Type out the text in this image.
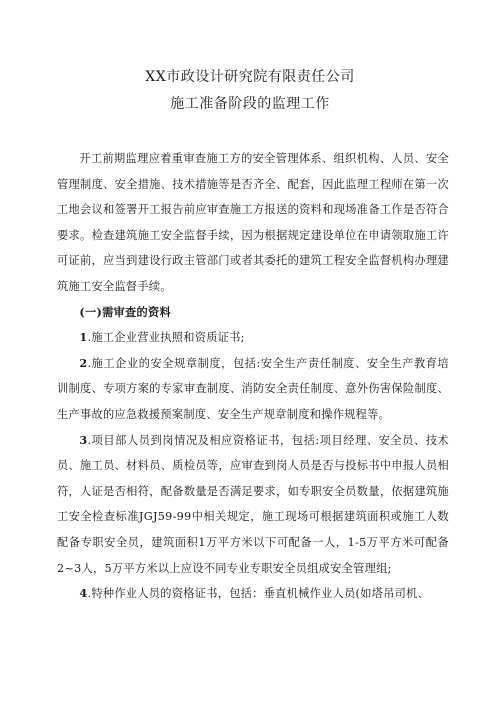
XX市政设计研究院有限责任公司
施工准备阶段的监理工作

开工前期监理应着重审查施工方的安全管理体系、组织机构、人员、安全管理制度、安全措施、技术措施等是否齐全、配套，因此监理工程师在第一次工地会议和签署开工报告前应审查施工方报送的资料和现场准备工作是否符合要求。检查建筑施工安全监督手续，因为根据规定建设单位在申请领取施工许可证前，应当到建设行政主管部门或者其委托的建筑工程安全监督机构办理建筑施工安全监督手续。

(一)需审查的资料

1.施工企业营业执照和资质证书;

2.施工企业的安全规章制度，包括:安全生产责任制度、安全生产教育培训制度、专项方案的专家审查制度、消防安全责任制度、意外伤害保险制度、生产事故的应急救援预案制度、安全生产规章制度和操作规程等。

3.项目部人员到岗情况及相应资格证书，包括:项目经理、安全员、技术员、施工员、材料员、质检员等，应审查到岗人员是否与投标书中申报人员相符，人证是否相符，配备数量是否满足要求，如专职安全员数量，依据建筑施工安全检查标准JGJ59-99中相关规定，施工现场可根据建筑面积或施工人数配备专职安全员，建筑面积1万平方米以下可配备一人，1-5万平方米可配备2~3人，5万平方米以上应设不同专业专职安全员组成安全管理组;

4.特种作业人员的资格证书，包括：垂直机械作业人员(如塔吊司机、
